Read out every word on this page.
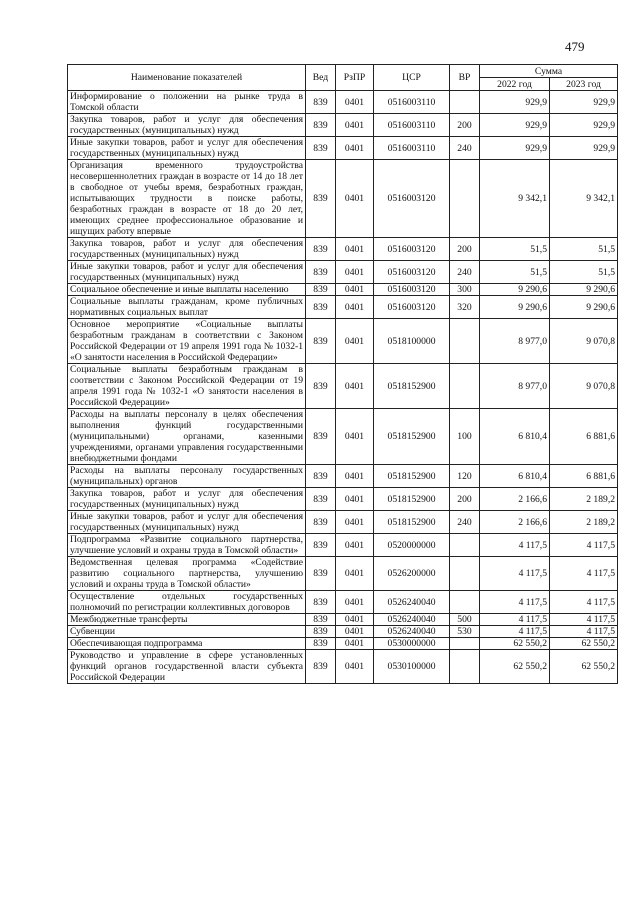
479
Наименование показателей	Вед	РзПР	ЦСР	ВР	Сумма	
					2022 год	2023 год
Информирование о положении на рынке труда в Томской области	839	0401	0516003110		929,9	929,9
Закупка товаров, работ и услуг для обеспечения государственных (муниципальных) нужд	839	0401	0516003110	200	929,9	929,9
Иные закупки товаров, работ и услуг для обеспечения государственных (муниципальных) нужд	839	0401	0516003110	240	929,9	929,9
Организация временного трудоустройства несовершеннолетних граждан в возрасте от 14 до 18 лет в свободное от учебы время, безработных граждан, испытывающих трудности в поиске работы, безработных граждан в возрасте от 18 до 20 лет, имеющих среднее профессиональное образование и ищущих работу впервые	839	0401	0516003120		9 342,1	9 342,1
Закупка товаров, работ и услуг для обеспечения государственных (муниципальных) нужд	839	0401	0516003120	200	51,5	51,5
Иные закупки товаров, работ и услуг для обеспечения государственных (муниципальных) нужд	839	0401	0516003120	240	51,5	51,5
Социальное обеспечение и иные выплаты населению	839	0401	0516003120	300	9 290,6	9 290,6
Социальные выплаты гражданам, кроме публичных нормативных социальных выплат	839	0401	0516003120	320	9 290,6	9 290,6
Основное мероприятие «Социальные выплаты безработным гражданам в соответствии с Законом Российской Федерации от 19 апреля 1991 года № 1032-1 «О занятости населения в Российской Федерации»	839	0401	0518100000		8 977,0	9 070,8
Социальные выплаты безработным гражданам в соответствии с Законом Российской Федерации от 19 апреля 1991 года № 1032-1 «О занятости населения в Российской Федерации»	839	0401	0518152900		8 977,0	9 070,8
Расходы на выплаты персоналу в целях обеспечения выполнения функций государственными (муниципальными) органами, казенными учреждениями, органами управления государственными внебюджетными фондами	839	0401	0518152900	100	6 810,4	6 881,6
Расходы на выплаты персоналу государственных (муниципальных) органов	839	0401	0518152900	120	6 810,4	6 881,6
Закупка товаров, работ и услуг для обеспечения государственных (муниципальных) нужд	839	0401	0518152900	200	2 166,6	2 189,2
Иные закупки товаров, работ и услуг для обеспечения государственных (муниципальных) нужд	839	0401	0518152900	240	2 166,6	2 189,2
Подпрограмма «Развитие социального партнерства, улучшение условий и охраны труда в Томской области»	839	0401	0520000000		4 117,5	4 117,5
Ведомственная целевая программа «Содействие развитию социального партнерства, улучшению условий и охраны труда в Томской области»	839	0401	0526200000		4 117,5	4 117,5
Осуществление отдельных государственных полномочий по регистрации коллективных договоров	839	0401	0526240040		4 117,5	4 117,5
Межбюджетные трансферты	839	0401	0526240040	500	4 117,5	4 117,5
Субвенции	839	0401	0526240040	530	4 117,5	4 117,5
Обеспечивающая подпрограмма	839	0401	0530000000		62 550,2	62 550,2
Руководство и управление в сфере установленных функций органов государственной власти субъекта Российской Федерации	839	0401	0530100000		62 550,2	62 550,2
